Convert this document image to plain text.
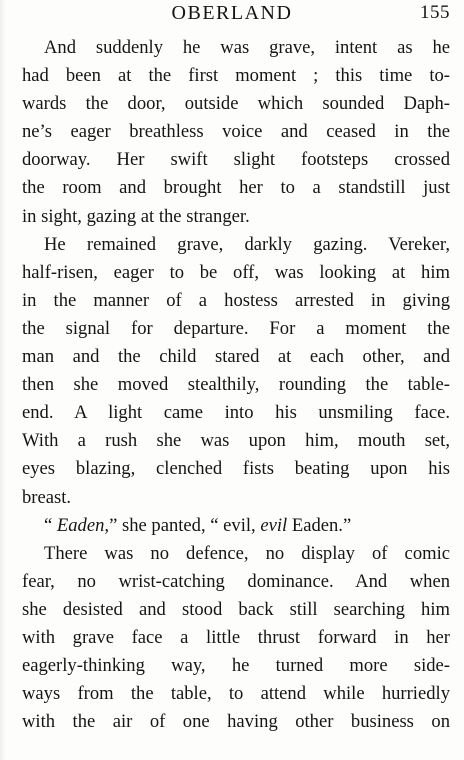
OBERLAND	155

And suddenly he was grave, intent as he
had been at the first moment ; this time to-
wards the door, outside which sounded Daph-
ne’s eager breathless voice and ceased in the
doorway. Her swift slight footsteps crossed
the room and brought her to a standstill just
in sight, gazing at the stranger.

He remained grave, darkly gazing. Vereker,
half-risen, eager to be off, was looking at him
in the manner of a hostess arrested in giving
the signal for departure. For a moment the
man and the child stared at each other, and
then she moved stealthily, rounding the table-
end. A light came into his unsmiling face.
With a rush she was upon him, mouth set,
eyes blazing, clenched fists beating upon his
breast.

“ Eaden,” she panted, “ evil, evil Eaden.”

There was no defence, no display of comic
fear, no wrist-catching dominance. And when
she desisted and stood back still searching him
with grave face a little thrust forward in her
eagerly-thinking way, he turned more side-
ways from the table, to attend while hurriedly
with the air of one having other business on
